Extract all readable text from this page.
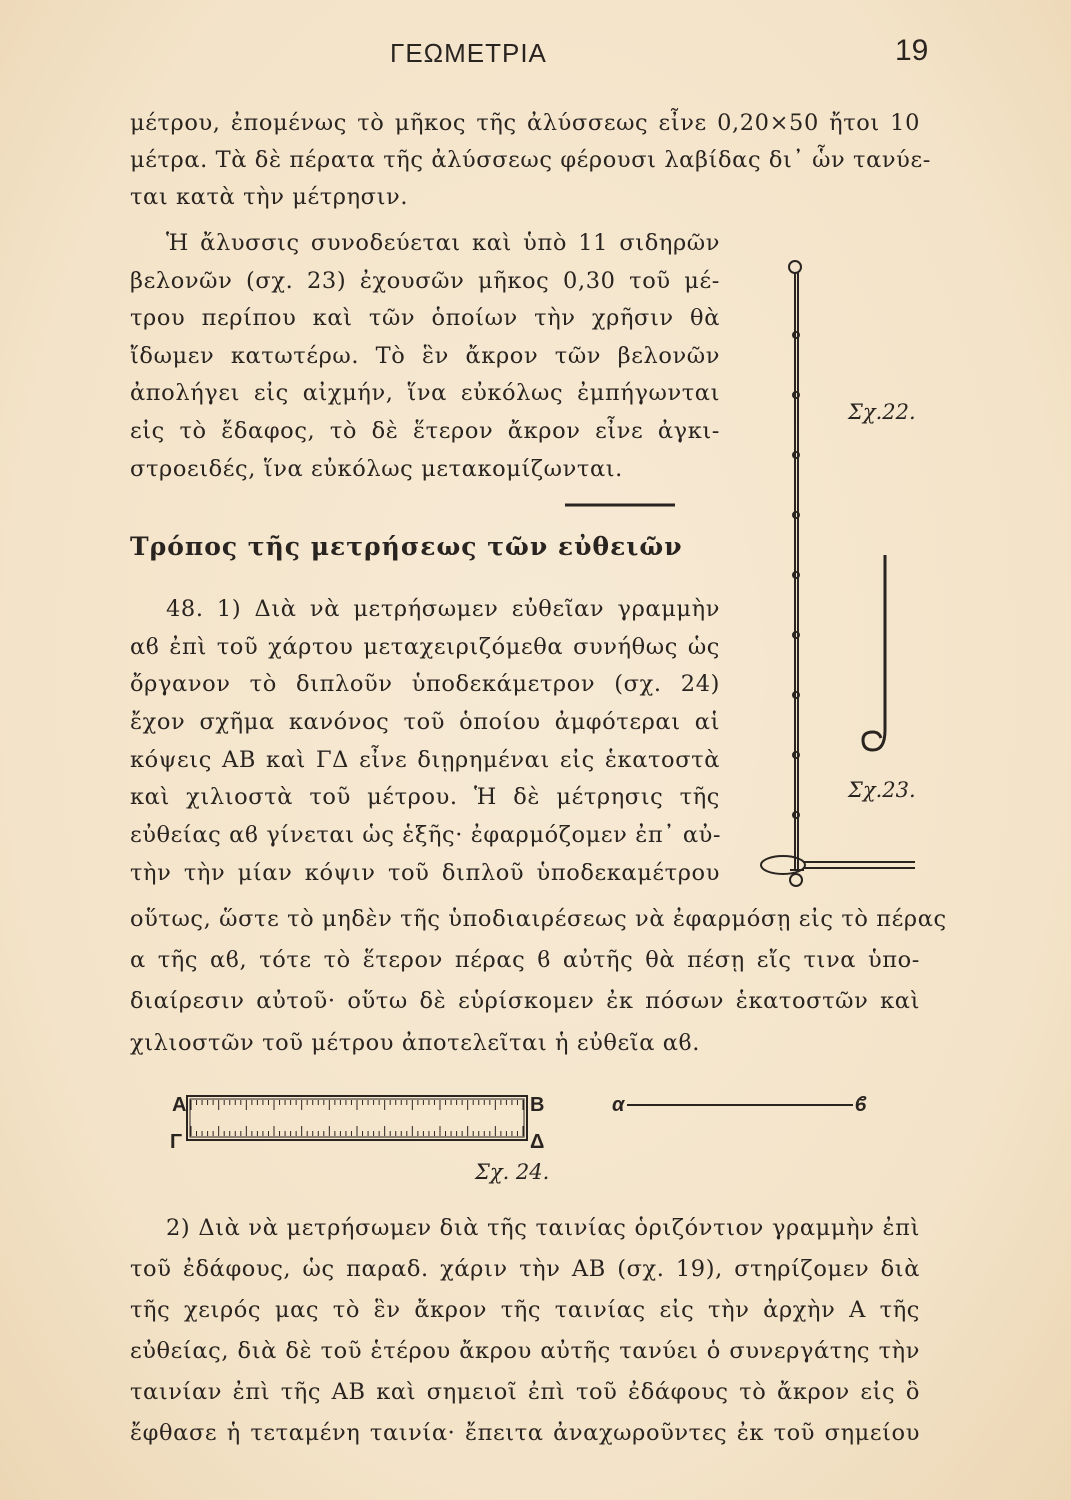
ΓΕΩΜΕΤΡΙΑ	19
μέτρου, ἐπομένως τὸ μῆκος τῆς ἀλύσσεως εἶνε 0,20×50 ἤτοι 10
μέτρα. Τὰ δὲ πέρατα τῆς ἀλύσσεως φέρουσι λαβίδας δι᾽ ὧν τανύε-
ται κατὰ τὴν μέτρησιν.
Ἡ ἄλυσσις συνοδεύεται καὶ ὑπὸ 11 σιδηρῶν
βελονῶν (σχ. 23) ἐχουσῶν μῆκος 0,30 τοῦ μέ-
τρου περίπου καὶ τῶν ὁποίων τὴν χρῆσιν θὰ
ἴδωμεν κατωτέρω. Τὸ ἓν ἄκρον τῶν βελονῶν
ἀπολήγει εἰς αἰχμήν, ἵνα εὐκόλως ἐμπήγωνται
εἰς τὸ ἔδαφος, τὸ δὲ ἕτερον ἄκρον εἶνε ἀγκι-
στροειδές, ἵνα εὐκόλως μετακομίζωνται.
Τρόπος τῆς μετρήσεως τῶν εὐθειῶν
48. 1) Διὰ νὰ μετρήσωμεν εὐθεῖαν γραμμὴν
αϐ ἐπὶ τοῦ χάρτου μεταχειριζόμεθα συνήθως ὡς
ὄργανον τὸ διπλοῦν ὑποδεκάμετρον (σχ. 24)
ἔχον σχῆμα κανόνος τοῦ ὁποίου ἀμφότεραι αἱ
κόψεις ΑΒ καὶ ΓΔ εἶνε διῃρημέναι εἰς ἑκατοστὰ
καὶ χιλιοστὰ τοῦ μέτρου. Ἡ δὲ μέτρησις τῆς
εὐθείας αϐ γίνεται ὡς ἑξῆς· ἐφαρμόζομεν ἐπ᾽ αὐ-
τὴν τὴν μίαν κόψιν τοῦ διπλοῦ ὑποδεκαμέτρου
οὕτως, ὥστε τὸ μηδὲν τῆς ὑποδιαιρέσεως νὰ ἐφαρμόσῃ εἰς τὸ πέρας
α τῆς αϐ, τότε τὸ ἕτερον πέρας ϐ αὐτῆς θὰ πέσῃ εἴς τινα ὑπο-
διαίρεσιν αὐτοῦ· οὕτω δὲ εὑρίσκομεν ἐκ πόσων ἑκατοστῶν καὶ
χιλιοστῶν τοῦ μέτρου ἀποτελεῖται ἡ εὐθεῖα αϐ.
Σχ.22.
Σχ.23.
A	B
Γ	Δ
α	ϐ
Σχ. 24.
2) Διὰ νὰ μετρήσωμεν διὰ τῆς ταινίας ὁριζόντιον γραμμὴν ἐπὶ
τοῦ ἐδάφους, ὡς παραδ. χάριν τὴν ΑΒ (σχ. 19), στηρίζομεν διὰ
τῆς χειρός μας τὸ ἓν ἄκρον τῆς ταινίας εἰς τὴν ἀρχὴν Α τῆς
εὐθείας, διὰ δὲ τοῦ ἑτέρου ἄκρου αὐτῆς τανύει ὁ συνεργάτης τὴν
ταινίαν ἐπὶ τῆς ΑΒ καὶ σημειοῖ ἐπὶ τοῦ ἐδάφους τὸ ἄκρον εἰς ὃ
ἔφθασε ἡ τεταμένη ταινία· ἔπειτα ἀναχωροῦντες ἐκ τοῦ σημείου
